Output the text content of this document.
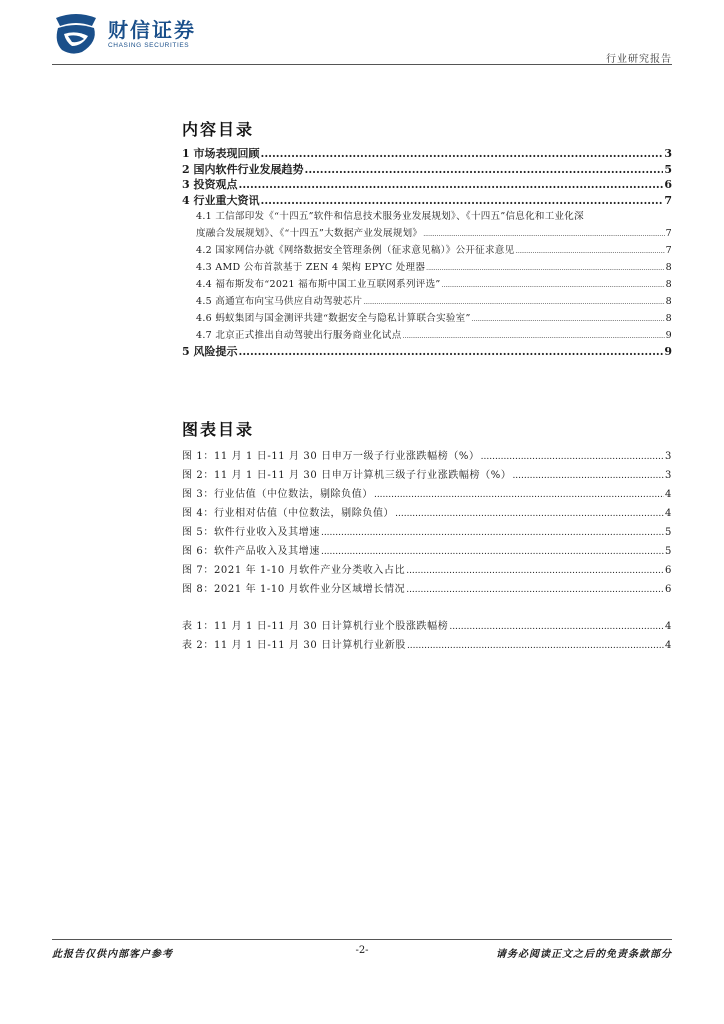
财信证券
CHASING SECURITIES
行业研究报告
内容目录
1 市场表现回顾 .....	3
2 国内软件行业发展趋势 .....	5
3 投资观点 .....	6
4 行业重大资讯 .....	7
4.1 工信部印发《“十四五”软件和信息技术服务业发展规划》、《十四五”信息化和工业化深
度融合发展规划》、《“十四五”大数据产业发展规划》 .....	7
4.2 国家网信办就《网络数据安全管理条例（征求意见稿）》公开征求意见 .....	7
4.3 AMD 公布首款基于 ZEN 4 架构 EPYC 处理器 .....	8
4.4 福布斯发布“2021 福布斯中国工业互联网系列评选” .....	8
4.5 高通宣布向宝马供应自动驾驶芯片 .....	8
4.6 蚂蚁集团与国金测评共建“数据安全与隐私计算联合实验室” .....	8
4.7 北京正式推出自动驾驶出行服务商业化试点 .....	9
5 风险提示 .....	9
图表目录
图 1：11 月 1 日-11 月 30 日申万一级子行业涨跌幅榜（%） .....	3
图 2：11 月 1 日-11 月 30 日申万计算机三级子行业涨跌幅榜（%） .....	3
图 3：行业估值（中位数法，剔除负值） .....	4
图 4：行业相对估值（中位数法，剔除负值） .....	4
图 5：软件行业收入及其增速 .....	5
图 6：软件产品收入及其增速 .....	5
图 7：2021 年 1-10 月软件产业分类收入占比 .....	6
图 8：2021 年 1-10 月软件业分区域增长情况 .....	6
表 1：11 月 1 日-11 月 30 日计算机行业个股涨跌幅榜 .....	4
表 2：11 月 1 日-11 月 30 日计算机行业新股 .....	4
此报告仅供内部客户参考	-2-	请务必阅读正文之后的免责条款部分
